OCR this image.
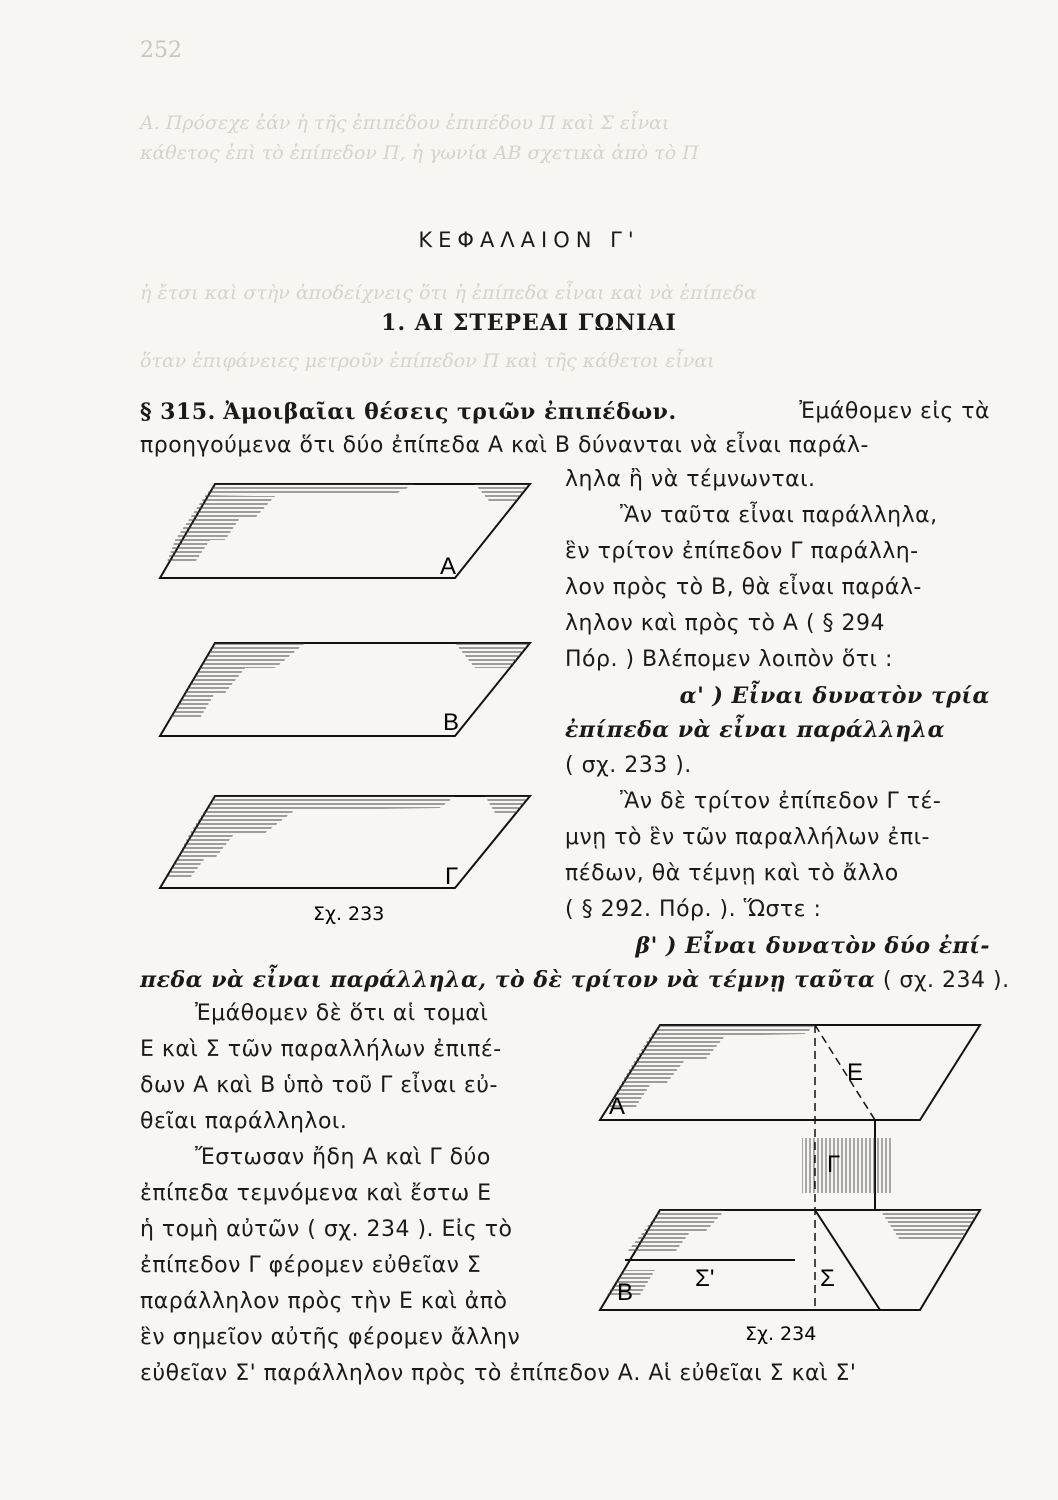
252
Α. Πρόσεχε ἐάν ἡ τῆς ἐπιπέδου ἐπιπέδου Π καὶ Σ εἶναι
κάθετος ἐπὶ τὸ ἐπίπεδον Π, ἡ γωνία ΑΒ σχετικὰ ἀπὸ τὸ Π
ἡ ἔτσι καὶ στὴν ἀποδείχνεις ὅτι ἡ ἐπίπεδα εἶναι καὶ νὰ ἐπίπεδα
ὅταν ἐπιφάνειες μετροῦν ἐπίπεδον Π καὶ τῆς κάθετοι εἶναι
ΚΕΦΑΛΑΙΟΝ Γ'
1. ΑΙ ΣΤΕΡΕΑΙ ΓΩΝΙΑΙ
§ 315. Ἀμοιβαῖαι θέσεις τριῶν ἐπιπέδων.	Ἐμάθομεν εἰς τὰ
προηγούμενα ὅτι δύο ἐπίπεδα Α καὶ Β δύνανται νὰ εἶναι παράλ-
ληλα ἢ νὰ τέμνωνται.
Ἂν ταῦτα εἶναι παράλληλα,
ἓν τρίτον ἐπίπεδον Γ παράλλη-
λον πρὸς τὸ Β, θὰ εἶναι παράλ-
ληλον καὶ πρὸς τὸ Α ( § 294
Πόρ. ) Βλέπομεν λοιπὸν ὅτι :
α' ) Εἶναι δυνατὸν τρία
ἐπίπεδα νὰ εἶναι παράλληλα
( σχ. 233 ).
Ἂν δὲ τρίτον ἐπίπεδον Γ τέ-
μνῃ τὸ ἓν τῶν παραλλήλων ἐπι-
πέδων, θὰ τέμνῃ καὶ τὸ ἄλλο
( § 292. Πόρ. ). Ὥστε :
β' ) Εἶναι δυνατὸν δύο ἐπί-
πεδα νὰ εἶναι παράλληλα, τὸ δὲ τρίτον νὰ τέμνῃ ταῦτα ( σχ. 234 ).
Ἐμάθομεν δὲ ὅτι αἱ τομαὶ
Ε καὶ Σ τῶν παραλλήλων ἐπιπέ-
δων Α καὶ Β ὑπὸ τοῦ Γ εἶναι εὐ-
θεῖαι παράλληλοι.
Ἔστωσαν ἤδη Α καὶ Γ δύο
ἐπίπεδα τεμνόμενα καὶ ἔστω Ε
ἡ τομὴ αὐτῶν ( σχ. 234 ). Εἰς τὸ
ἐπίπεδον Γ φέρομεν εὐθεῖαν Σ
παράλληλον πρὸς τὴν Ε καὶ ἀπὸ
ἓν σημεῖον αὐτῆς φέρομεν ἄλλην
εὐθεῖαν Σ' παράλληλον πρὸς τὸ ἐπίπεδον Α. Αἱ εὐθεῖαι Σ καὶ Σ'
Α
Β
Γ
Σχ. 233
Α
Ε
Γ
Β
Σ'	Σ
Σχ. 234
